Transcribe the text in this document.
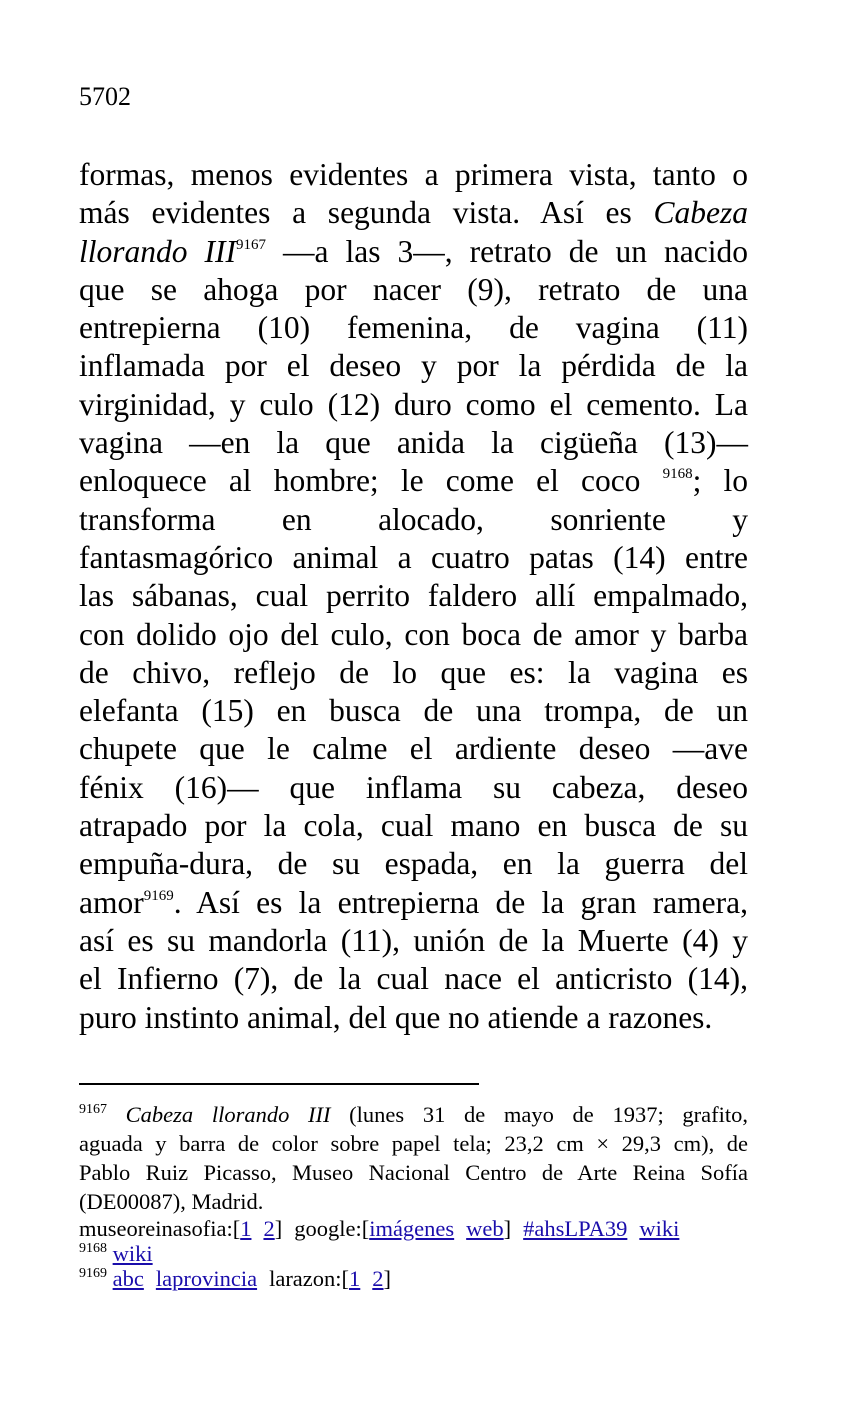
5702
formas, menos evidentes a primera vista, tanto o
más evidentes a segunda vista. Así es Cabeza
llorando $III^{9167}$ —a las 3—, retrato de un nacido
que se ahoga por nacer (9), retrato de una
entrepierna (10) femenina, de vagina (11)
inflamada por el deseo y por la pérdida de la
virginidad, y culo (12) duro como el cemento. La
vagina —en la que anida la cigüeña (13)—
enloquece al hombre; le come el coco $^{9168}$; lo
transforma en alocado, sonriente y
fantasmagórico animal a cuatro patas (14) entre
las sábanas, cual perrito faldero allí empalmado,
con dolido ojo del culo, con boca de amor y barba
de chivo, reflejo de lo que es: la vagina es
elefanta (15) en busca de una trompa, de un
chupete que le calme el ardiente deseo —ave
fénix (16)— que inflama su cabeza, deseo
atrapado por la cola, cual mano en busca de su
empuña-dura, de su espada, en la guerra del
amor$^{9169}$. Así es la entrepierna de la gran ramera,
así es su mandorla (11), unión de la Muerte (4) y
el Infierno (7), de la cual nace el anticristo (14),
puro instinto animal, del que no atiende a razones.
$^{9167}$ Cabeza llorando III (lunes 31 de mayo de 1937; grafito,
aguada y barra de color sobre papel tela; 23,2 cm × 29,3 cm), de
Pablo Ruiz Picasso, Museo Nacional Centro de Arte Reina Sofía
(DE00087), Madrid.
museoreinasofia:[1 2] google:[imágenes web] #ahsLPA39 wiki
$^{9168}$ wiki
$^{9169}$ abc laprovincia larazon:[1 2]
